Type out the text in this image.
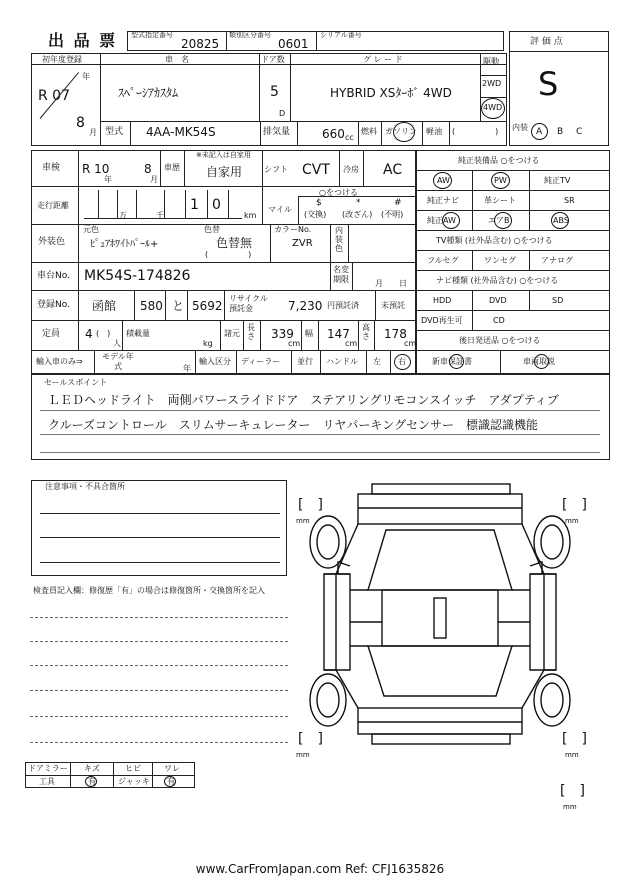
出 品 票 型式指定番号
20825
類別区分番号
0601
シリアル番号
評 価 点
S
初年度登録
年
R 07
8
月
車　名
ｽﾍﾟｰｼｱｶｽﾀﾑ
ドア数
5
D
グ レ ー ド
HYBRID XSﾀｰﾎﾞ 4WD
駆動
2WD
4WD
型式 4AA-MK54S	排気量	660 cc
燃料 ガソリン 軽油 (　　　　　) 内装 A B C
車検 R 10
年
8
月
車歴
※未記入は自家用
自家用	シフト CVT 冷房 AC
走行距離
万	千
1 0
km
マイル
○をつける
$
(交換)
*
(改ざん)
#
(不明)
外装色
元色
ﾋﾟｭｱﾎﾜｲﾄﾊﾟｰﾙ+
色替
色替無
(　　　　　)
カラーNo.
ZVR
内装色
車台No. MK54S-174826	名変期限	月　　日
登録No. 函館 580 と 5692
リサイクル預託金	7,230 円預託済	未預託
定員 4 (　)
人
積載量
kg
諸元
長さ 339
cm
幅 147
cm
高さ 178
cm
輸入車のみ⇒
モデル年式	年
輸入区分 ディーラー 並行 ハンドル 左 右
純正装備品 ○をつける
AW	PW	純正TV
純正ナビ	革シート	SR
純正AW	エアB	ABS
TV種類 (社外品含む) ○をつける
フルセグ	ワンセグ	アナログ
ナビ種類 (社外品含む) ○をつける
HDD	DVD	SD
DVD再生可	CD
後日発送品 ○をつける
新車保証書	車両取説
セールスポイント
ＬＥＤヘッドライト　両側パワースライドドア　ステアリングリモコンスイッチ　アダプティブ
クルーズコントロール　スリムサーキュレーター　リヤパーキングセンサー　標識認識機能
注意事項・不具合箇所
検査員記入欄：修復歴「有」の場合は修復箇所・交換箇所を記入
[　]
mm
[　]
mm
[　]
mm
[　]
mm
[　]
mm
ドアミラー キズ	ヒビ	ワレ
工具	有	ジャッキ 有
www.CarFromJapan.com Ref: CFJ1635826
